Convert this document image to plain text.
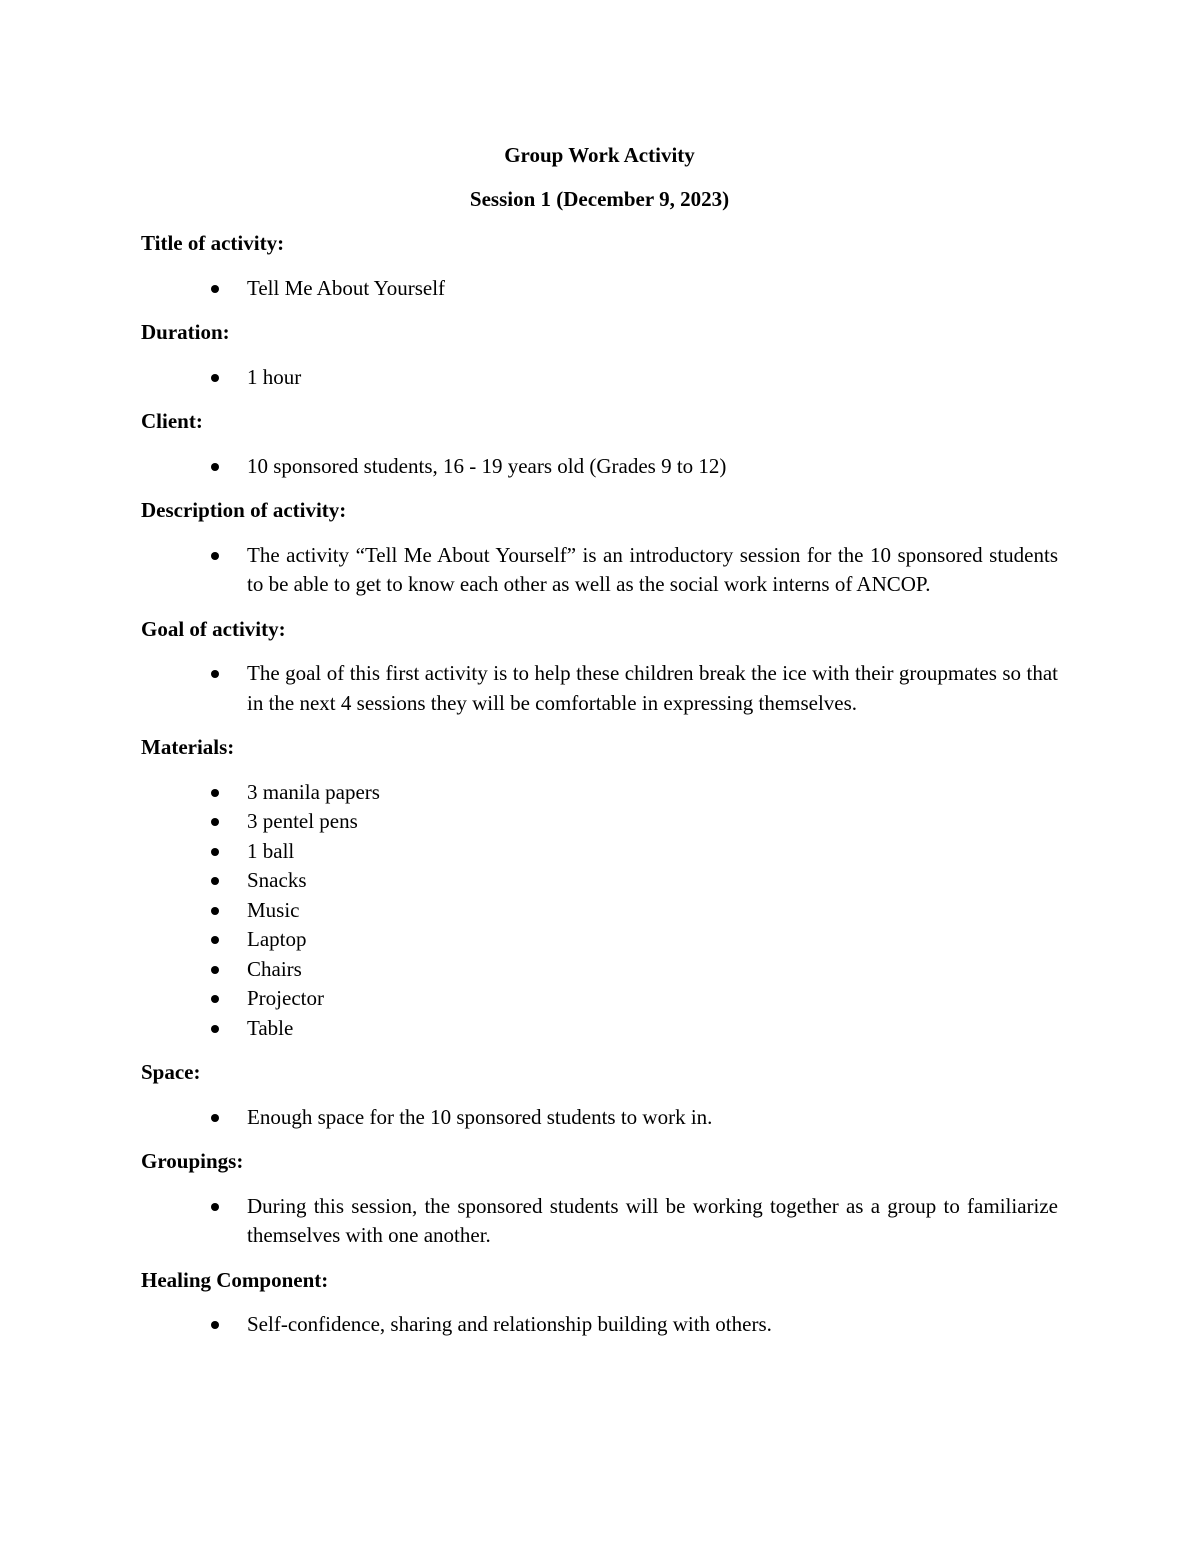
Group Work Activity
Session 1 (December 9, 2023)
Title of activity:
Tell Me About Yourself
Duration:
1 hour
Client:
10 sponsored students, 16 - 19 years old (Grades 9 to 12)
Description of activity:
The activity “Tell Me About Yourself” is an introductory session for the 10 sponsored students to be able to get to know each other as well as the social work interns of ANCOP.
Goal of activity:
The goal of this first activity is to help these children break the ice with their groupmates so that in the next 4 sessions they will be comfortable in expressing themselves.
Materials:
3 manila papers
3 pentel pens
1 ball
Snacks
Music
Laptop
Chairs
Projector
Table
Space:
Enough space for the 10 sponsored students to work in.
Groupings:
During this session, the sponsored students will be working together as a group to familiarize themselves with one another.
Healing Component:
Self-confidence, sharing and relationship building with others.
